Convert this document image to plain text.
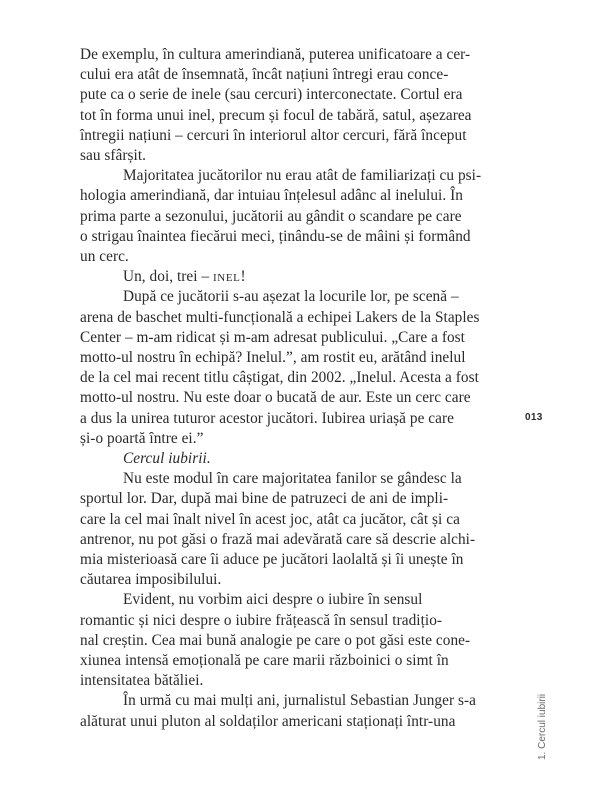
De exemplu, în cultura amerindiană, puterea unificatoare a cer-
cului era atât de însemnată, încât națiuni întregi erau conce-
pute ca o serie de inele (sau cercuri) interconectate. Cortul era
tot în forma unui inel, precum și focul de tabără, satul, așezarea
întregii națiuni – cercuri în interiorul altor cercuri, fără început
sau sfârșit.
Majoritatea jucătorilor nu erau atât de familiarizați cu psi-
hologia amerindiană, dar intuiau înțelesul adânc al inelului. În
prima parte a sezonului, jucătorii au gândit o scandare pe care
o strigau înaintea fiecărui meci, ținându-se de mâini și formând
un cerc.
Un, doi, trei – inel!
După ce jucătorii s-au așezat la locurile lor, pe scenă –
arena de baschet multi-funcțională a echipei Lakers de la Staples
Center – m-am ridicat și m-am adresat publicului. „Care a fost
motto-ul nostru în echipă? Inelul.”, am rostit eu, arătând inelul
de la cel mai recent titlu câștigat, din 2002. „Inelul. Acesta a fost
motto-ul nostru. Nu este doar o bucată de aur. Este un cerc care
a dus la unirea tuturor acestor jucători. Iubirea uriașă pe care
și-o poartă între ei.”
Cercul iubirii.
Nu este modul în care majoritatea fanilor se gândesc la
sportul lor. Dar, după mai bine de patruzeci de ani de impli-
care la cel mai înalt nivel în acest joc, atât ca jucător, cât și ca
antrenor, nu pot găsi o frază mai adevărată care să descrie alchi-
mia misterioasă care îi aduce pe jucători laolaltă și îi unește în
căutarea imposibilului.
Evident, nu vorbim aici despre o iubire în sensul
romantic și nici despre o iubire frățească în sensul tradițio-
nal creștin. Cea mai bună analogie pe care o pot găsi este cone-
xiunea intensă emoțională pe care marii războinici o simt în
intensitatea bătăliei.
În urmă cu mai mulți ani, jurnalistul Sebastian Junger s-a
alăturat unui pluton al soldaților americani staționați într-una
013
1. Cercul iubirii
